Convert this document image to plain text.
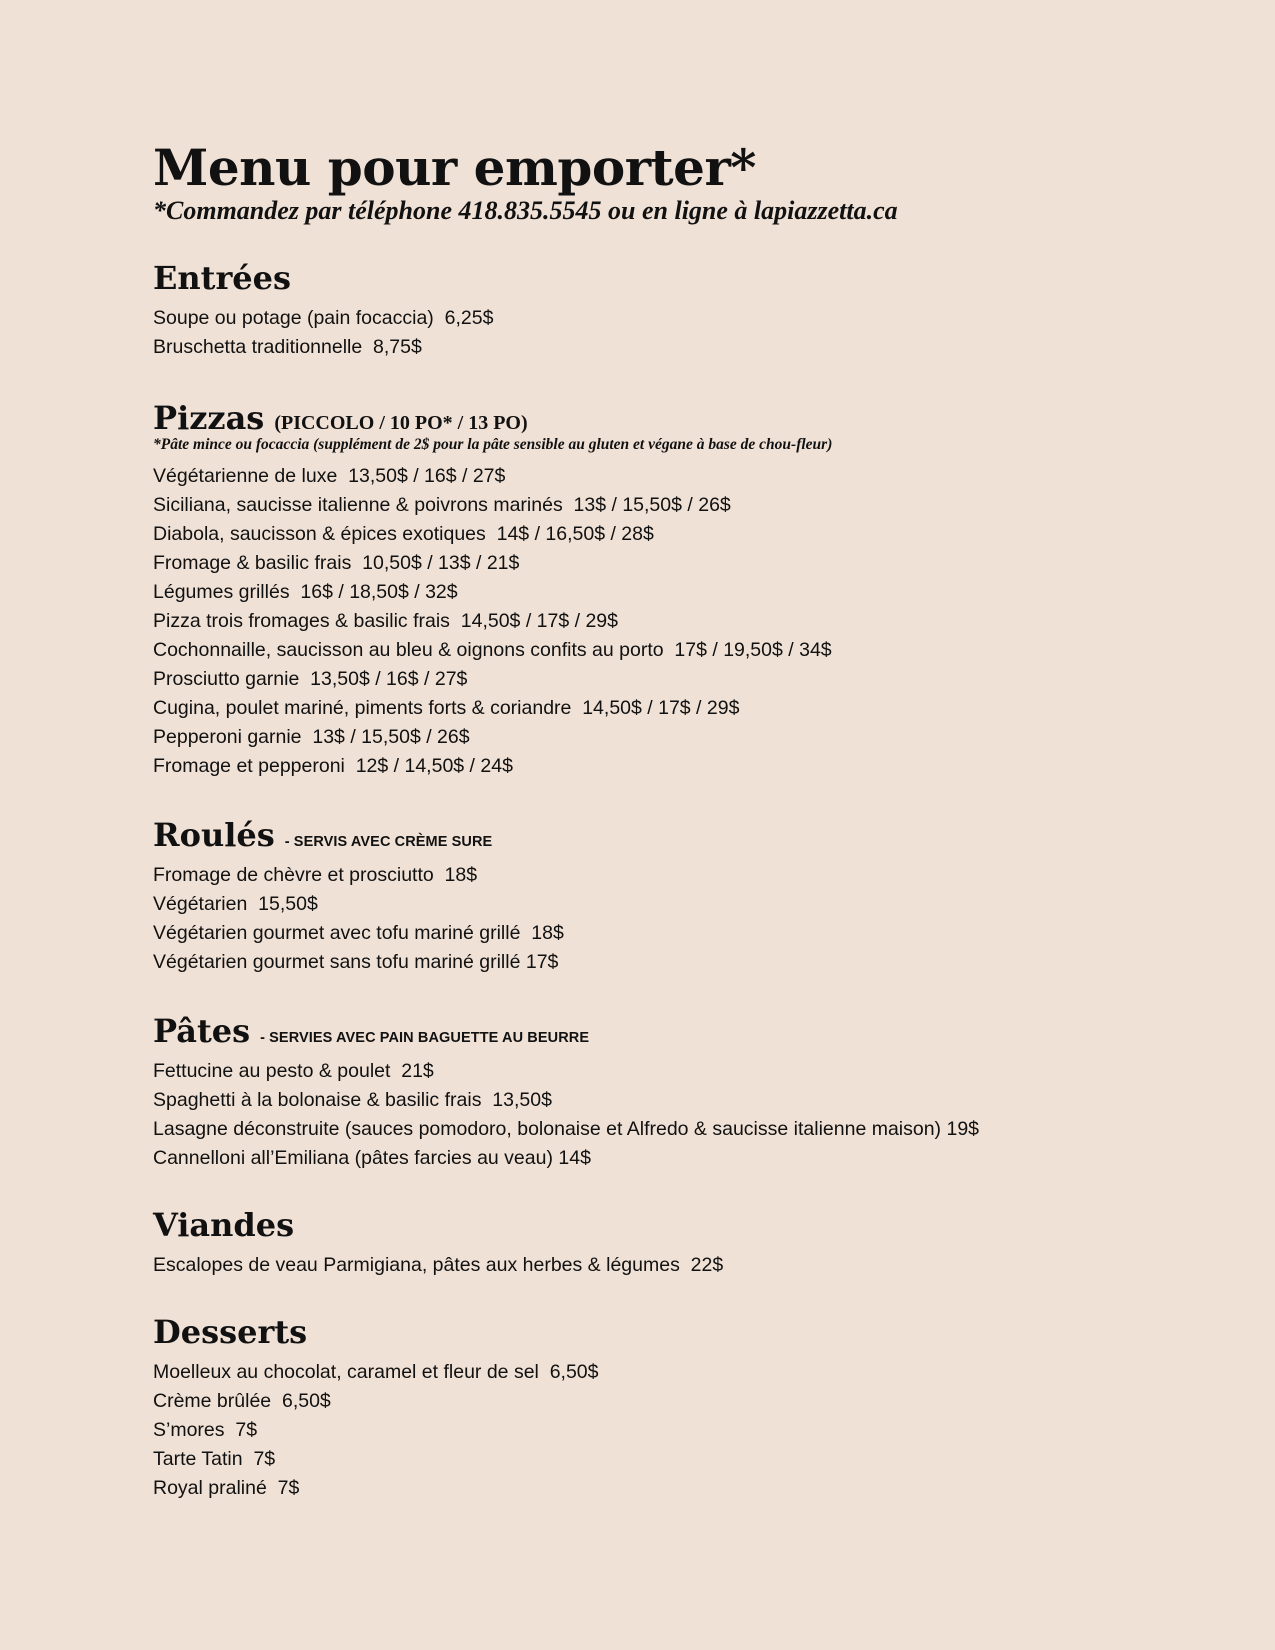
Menu pour emporter*

*Commandez par téléphone 418.835.5545 ou en ligne à lapiazzetta.ca

Entrées
Soupe ou potage (pain focaccia)  6,25$
Bruschetta traditionnelle  8,75$
Pizzas (PICCOLO / 10 PO* / 13 PO)

*Pâte mince ou focaccia (supplément de 2$ pour la pâte sensible au gluten et végane à base de chou-fleur)

Végétarienne de luxe  13,50$ / 16$ / 27$
Siciliana, saucisse italienne & poivrons marinés  13$ / 15,50$ / 26$
Diabola, saucisson & épices exotiques  14$ / 16,50$ / 28$
Fromage & basilic frais  10,50$ / 13$ / 21$
Légumes grillés  16$ / 18,50$ / 32$
Pizza trois fromages & basilic frais  14,50$ / 17$ / 29$
Cochonnaille, saucisson au bleu & oignons confits au porto  17$ / 19,50$ / 34$
Prosciutto garnie  13,50$ / 16$ / 27$
Cugina, poulet mariné, piments forts & coriandre  14,50$ / 17$ / 29$
Pepperoni garnie  13$ / 15,50$ / 26$
Fromage et pepperoni  12$ / 14,50$ / 24$
Roulés - SERVIS AVEC CRÈME SURE
Fromage de chèvre et prosciutto  18$
Végétarien  15,50$
Végétarien gourmet avec tofu mariné grillé  18$
Végétarien gourmet sans tofu mariné grillé 17$
Pâtes - SERVIES AVEC PAIN BAGUETTE AU BEURRE
Fettucine au pesto & poulet  21$
Spaghetti à la bolonaise & basilic frais  13,50$
Lasagne déconstruite (sauces pomodoro, bolonaise et Alfredo & saucisse italienne maison) 19$
Cannelloni all’Emiliana (pâtes farcies au veau) 14$
Viandes
Escalopes de veau Parmigiana, pâtes aux herbes & légumes  22$
Desserts
Moelleux au chocolat, caramel et fleur de sel  6,50$
Crème brûlée  6,50$
S’mores  7$
Tarte Tatin  7$
Royal praliné  7$
